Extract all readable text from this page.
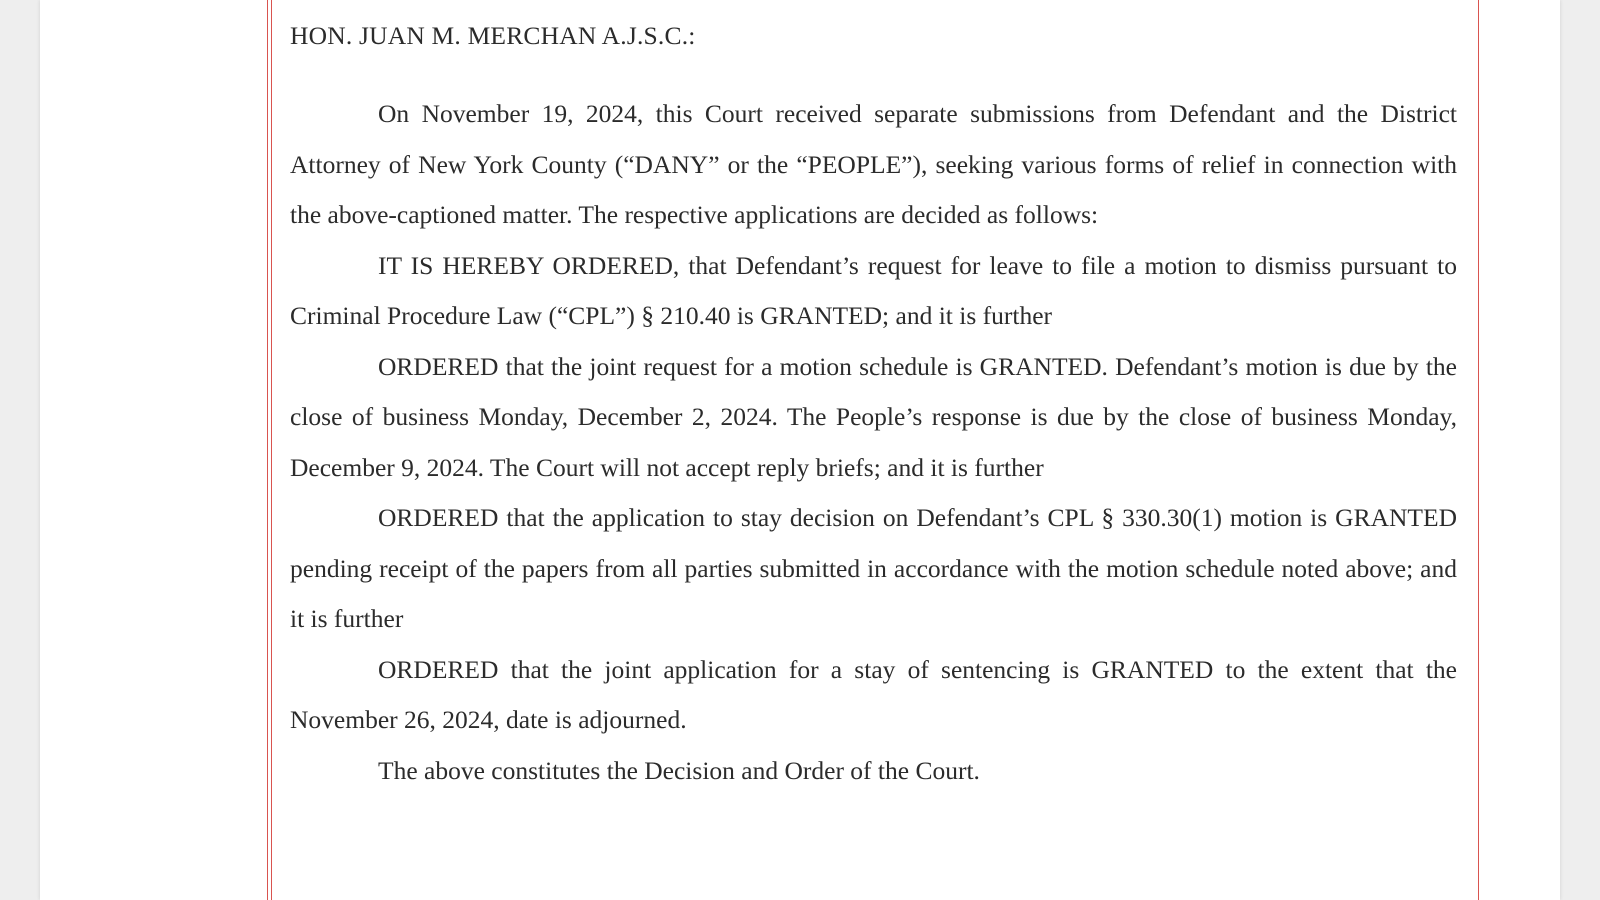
HON. JUAN M. MERCHAN A.J.S.C.:

On November 19, 2024, this Court received separate submissions from Defendant and the District Attorney of New York County (“DANY” or the “PEOPLE”), seeking various forms of relief in connection with the above-captioned matter. The respective applications are decided as follows:

IT IS HEREBY ORDERED, that Defendant’s request for leave to file a motion to dismiss pursuant to Criminal Procedure Law (“CPL”) § 210.40 is GRANTED; and it is further

ORDERED that the joint request for a motion schedule is GRANTED. Defendant’s motion is due by the close of business Monday, December 2, 2024. The People’s response is due by the close of business Monday, December 9, 2024. The Court will not accept reply briefs; and it is further

ORDERED that the application to stay decision on Defendant’s CPL § 330.30(1) motion is GRANTED pending receipt of the papers from all parties submitted in accordance with the motion schedule noted above; and it is further

ORDERED that the joint application for a stay of sentencing is GRANTED to the extent that the November 26, 2024, date is adjourned.

The above constitutes the Decision and Order of the Court.
